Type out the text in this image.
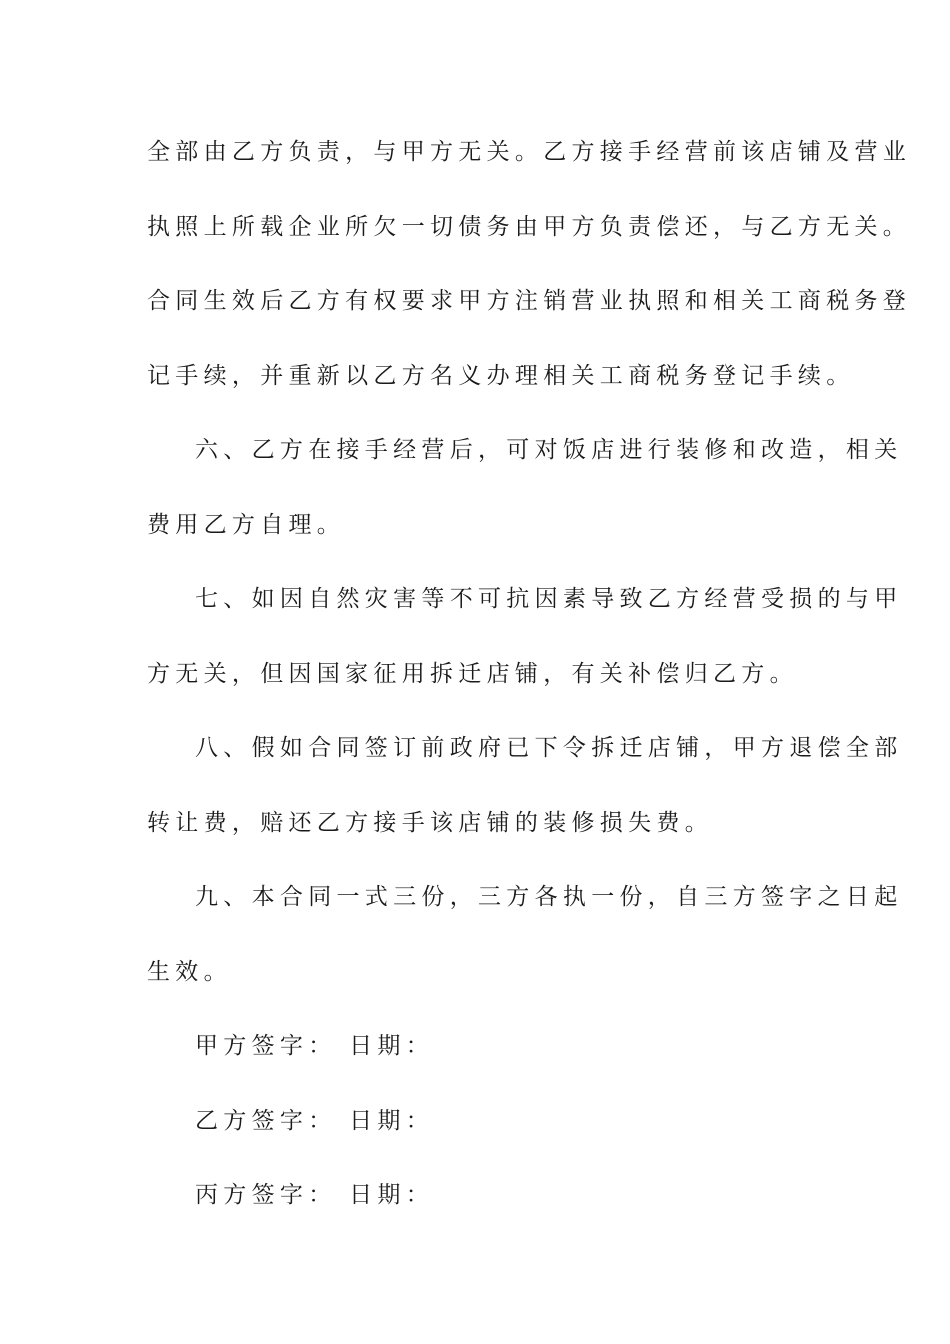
全部由乙方负责，与甲方无关。乙方接手经营前该店铺及营业
执照上所载企业所欠一切债务由甲方负责偿还，与乙方无关。
合同生效后乙方有权要求甲方注销营业执照和相关工商税务登
记手续，并重新以乙方名义办理相关工商税务登记手续。
六、乙方在接手经营后，可对饭店进行装修和改造，相关
费用乙方自理。
七、如因自然灾害等不可抗因素导致乙方经营受损的与甲
方无关，但因国家征用拆迁店铺，有关补偿归乙方。
八、假如合同签订前政府已下令拆迁店铺，甲方退偿全部
转让费，赔还乙方接手该店铺的装修损失费。
九、本合同一式三份，三方各执一份，自三方签字之日起
生效。
甲方签字： 日期：
乙方签字： 日期：
丙方签字： 日期：
